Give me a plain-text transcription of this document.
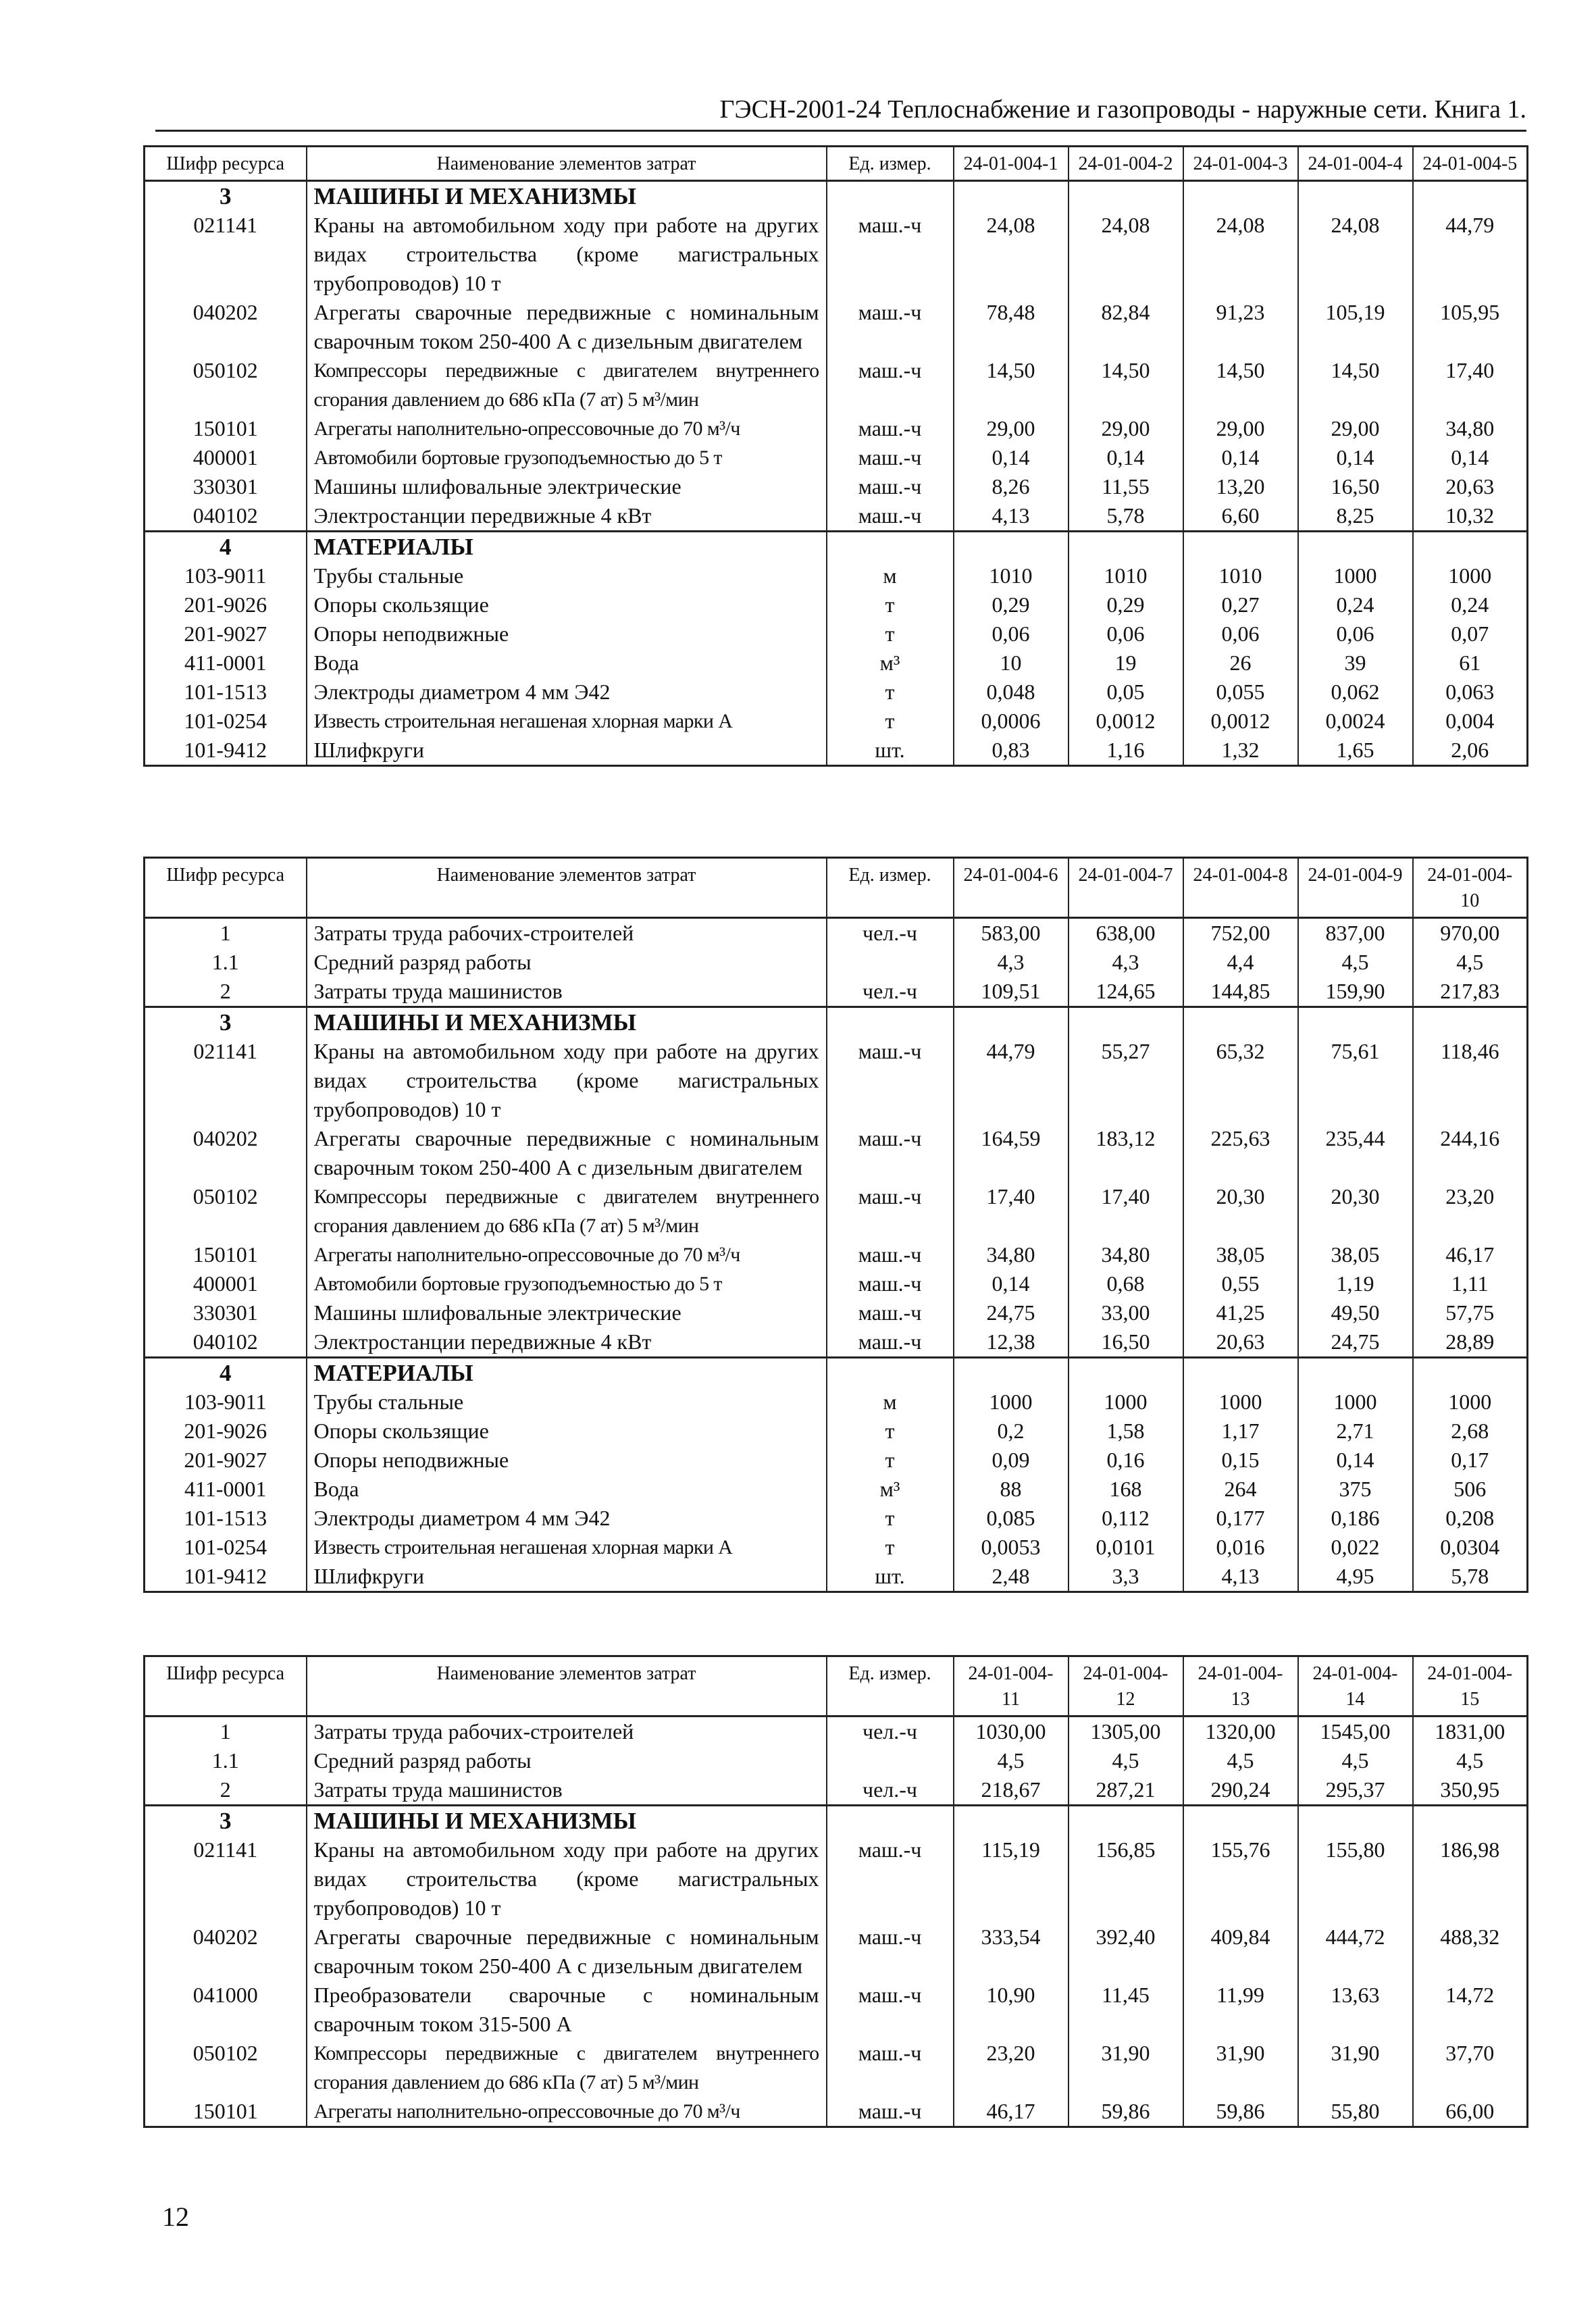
ГЭСН-2001-24 Теплоснабжение и газопроводы - наружные сети. Книга 1.
Шифр ресурса	Наименование элементов затрат	Ед. измер.	24-01-004-1	24-01-004-2	24-01-004-3	24-01-004-4	24-01-004-5
3	МАШИНЫ И МЕХАНИЗМЫ						
021141	Краны на автомобильном ходу при работе на других видах строительства (кроме магистральных трубопроводов) 10 т	маш.-ч	24,08	24,08	24,08	24,08	44,79
040202	Агрегаты сварочные передвижные с номинальным сварочным током 250-400 А с дизельным двигателем	маш.-ч	78,48	82,84	91,23	105,19	105,95
050102	Компрессоры передвижные с двигателем внутреннего сгорания давлением до 686 кПа (7 ат) 5 м³/мин	маш.-ч	14,50	14,50	14,50	14,50	17,40
150101	Агрегаты наполнительно-опрессовочные до 70 м³/ч	маш.-ч	29,00	29,00	29,00	29,00	34,80
400001	Автомобили бортовые грузоподъемностью до 5 т	маш.-ч	0,14	0,14	0,14	0,14	0,14
330301	Машины шлифовальные электрические	маш.-ч	8,26	11,55	13,20	16,50	20,63
040102	Электростанции передвижные 4 кВт	маш.-ч	4,13	5,78	6,60	8,25	10,32
4	МАТЕРИАЛЫ						
103-9011	Трубы стальные	м	1010	1010	1010	1000	1000
201-9026	Опоры скользящие	т	0,29	0,29	0,27	0,24	0,24
201-9027	Опоры неподвижные	т	0,06	0,06	0,06	0,06	0,07
411-0001	Вода	м³	10	19	26	39	61
101-1513	Электроды диаметром 4 мм Э42	т	0,048	0,05	0,055	0,062	0,063
101-0254	Известь строительная негашеная хлорная марки А	т	0,0006	0,0012	0,0012	0,0024	0,004
101-9412	Шлифкруги	шт.	0,83	1,16	1,32	1,65	2,06
Шифр ресурса	Наименование элементов затрат	Ед. измер.	24-01-004-6	24-01-004-7	24-01-004-8	24-01-004-9	24-01-004-10
1	Затраты труда рабочих-строителей	чел.-ч	583,00	638,00	752,00	837,00	970,00
1.1	Средний разряд работы		4,3	4,3	4,4	4,5	4,5
2	Затраты труда машинистов	чел.-ч	109,51	124,65	144,85	159,90	217,83
3	МАШИНЫ И МЕХАНИЗМЫ						
021141	Краны на автомобильном ходу при работе на других видах строительства (кроме магистральных трубопроводов) 10 т	маш.-ч	44,79	55,27	65,32	75,61	118,46
040202	Агрегаты сварочные передвижные с номинальным сварочным током 250-400 А с дизельным двигателем	маш.-ч	164,59	183,12	225,63	235,44	244,16
050102	Компрессоры передвижные с двигателем внутреннего сгорания давлением до 686 кПа (7 ат) 5 м³/мин	маш.-ч	17,40	17,40	20,30	20,30	23,20
150101	Агрегаты наполнительно-опрессовочные до 70 м³/ч	маш.-ч	34,80	34,80	38,05	38,05	46,17
400001	Автомобили бортовые грузоподъемностью до 5 т	маш.-ч	0,14	0,68	0,55	1,19	1,11
330301	Машины шлифовальные электрические	маш.-ч	24,75	33,00	41,25	49,50	57,75
040102	Электростанции передвижные 4 кВт	маш.-ч	12,38	16,50	20,63	24,75	28,89
4	МАТЕРИАЛЫ						
103-9011	Трубы стальные	м	1000	1000	1000	1000	1000
201-9026	Опоры скользящие	т	0,2	1,58	1,17	2,71	2,68
201-9027	Опоры неподвижные	т	0,09	0,16	0,15	0,14	0,17
411-0001	Вода	м³	88	168	264	375	506
101-1513	Электроды диаметром 4 мм Э42	т	0,085	0,112	0,177	0,186	0,208
101-0254	Известь строительная негашеная хлорная марки А	т	0,0053	0,0101	0,016	0,022	0,0304
101-9412	Шлифкруги	шт.	2,48	3,3	4,13	4,95	5,78
Шифр ресурса	Наименование элементов затрат	Ед. измер.	24-01-004-11	24-01-004-12	24-01-004-13	24-01-004-14	24-01-004-15
1	Затраты труда рабочих-строителей	чел.-ч	1030,00	1305,00	1320,00	1545,00	1831,00
1.1	Средний разряд работы		4,5	4,5	4,5	4,5	4,5
2	Затраты труда машинистов	чел.-ч	218,67	287,21	290,24	295,37	350,95
3	МАШИНЫ И МЕХАНИЗМЫ						
021141	Краны на автомобильном ходу при работе на других видах строительства (кроме магистральных трубопроводов) 10 т	маш.-ч	115,19	156,85	155,76	155,80	186,98
040202	Агрегаты сварочные передвижные с номинальным сварочным током 250-400 А с дизельным двигателем	маш.-ч	333,54	392,40	409,84	444,72	488,32
041000	Преобразователи сварочные с номинальным сварочным током 315-500 А	маш.-ч	10,90	11,45	11,99	13,63	14,72
050102	Компрессоры передвижные с двигателем внутреннего сгорания давлением до 686 кПа (7 ат) 5 м³/мин	маш.-ч	23,20	31,90	31,90	31,90	37,70
150101	Агрегаты наполнительно-опрессовочные до 70 м³/ч	маш.-ч	46,17	59,86	59,86	55,80	66,00
12
